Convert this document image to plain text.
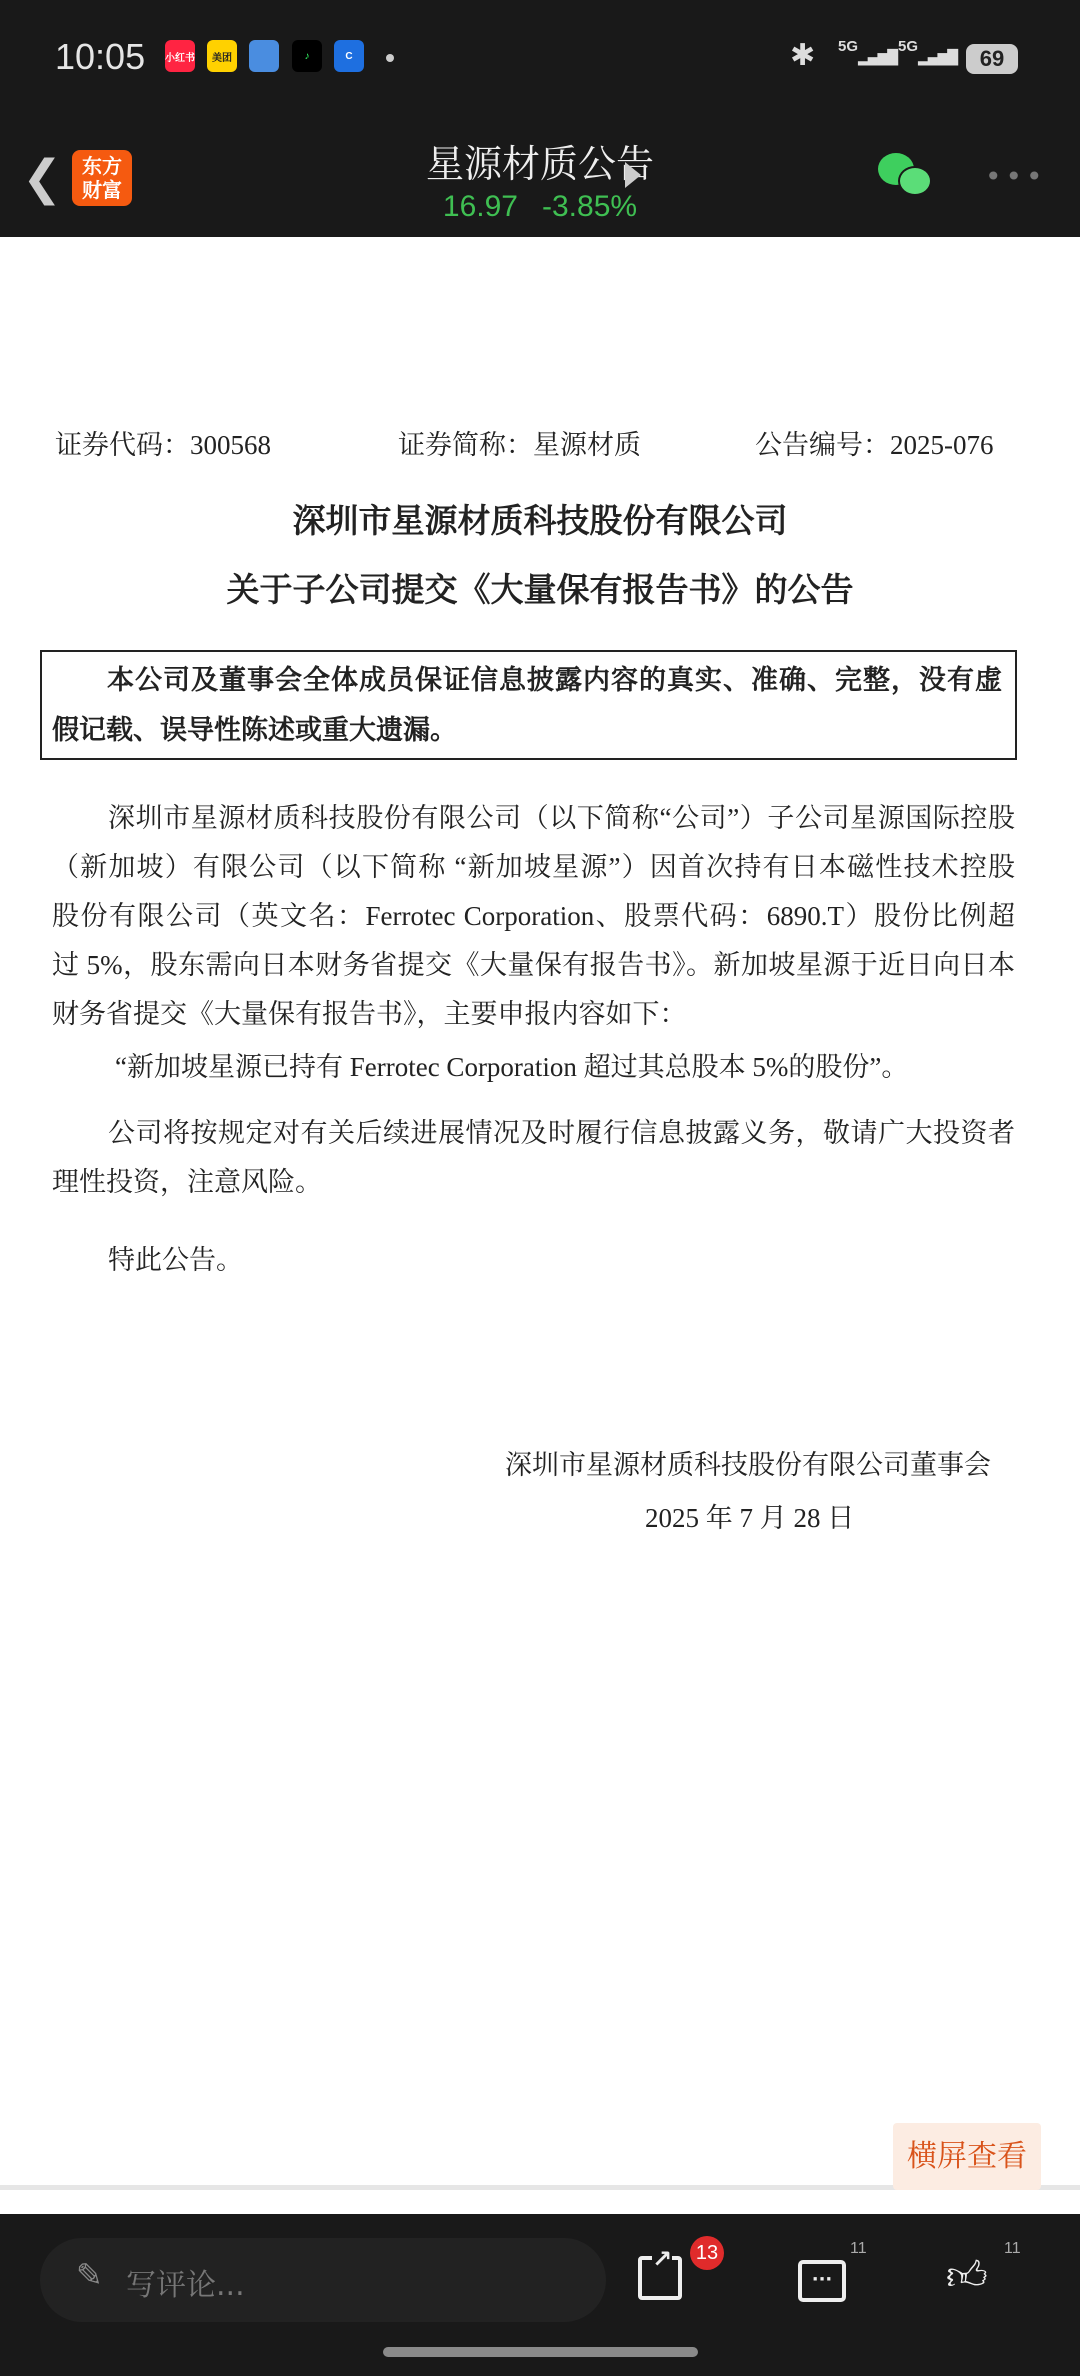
10:05 小红书	美团	♪	C	✱ 5G
▂▄▆█
5G
▂▄▆█	69
❮ 东方
财富
星源材质公告
16.97 -3.85%
•••
证券代码：300568	证券简称：星源材质	公告编号：2025-076
深圳市星源材质科技股份有限公司
关于子公司提交《大量保有报告书》的公告
本公司及董事会全体成员保证信息披露内容的真实、准确、完整，没有虚
假记载、误导性陈述或重大遗漏。
深圳市星源材质科技股份有限公司（以下简称“公司”）子公司星源国际控股
（新加坡）有限公司（以下简称 “新加坡星源”）因首次持有日本磁性技术控股
股份有限公司（英文名：Ferrotec Corporation、股票代码：6890.T）股份比例超
过 5%，股东需向日本财务省提交《大量保有报告书》。新加坡星源于近日向日本
财务省提交《大量保有报告书》，主要申报内容如下：
“新加坡星源已持有 Ferrotec Corporation 超过其总股本 5%的股份”。
公司将按规定对有关后续进展情况及时履行信息披露义务，敬请广大投资者
理性投资，注意风险。
特此公告。
深圳市星源材质科技股份有限公司董事会
2025 年 7 月 28 日
横屏查看
写评论...
✎	↗ 13
···
11
👍︎
11
